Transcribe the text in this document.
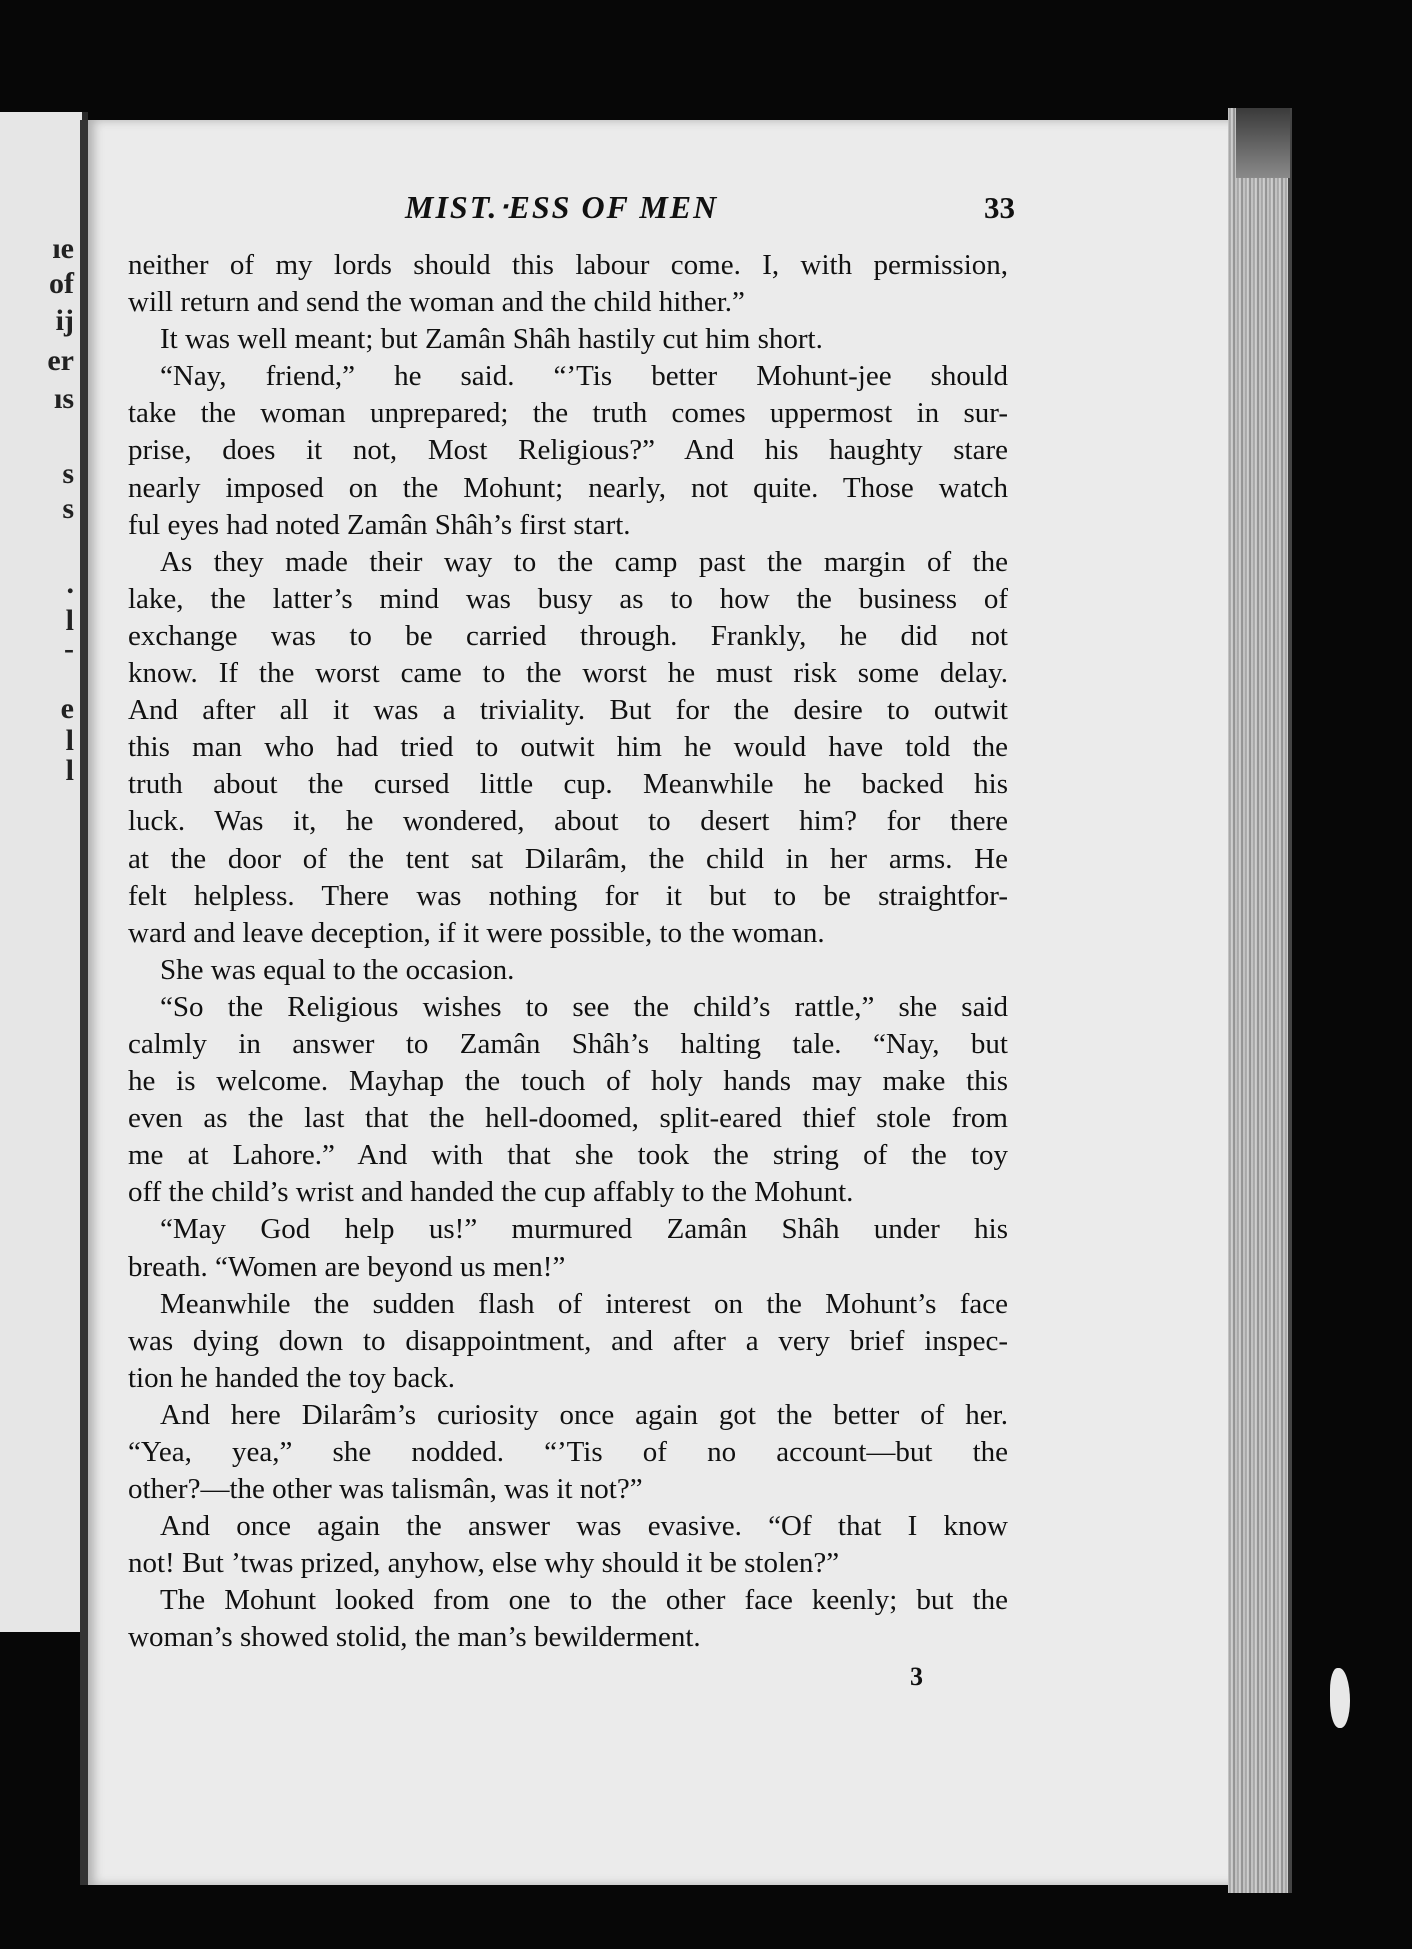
ıe
of
ij
er
ıs
s
s
.
l
-
e
l
l
MIST.ᐧESS OF MEN	33
neither of my lords should this labour come. I, with permission,
will return and send the woman and the child hither.”
It was well meant; but Zamân Shâh hastily cut him short.
“Nay, friend,” he said. “’Tis better Mohunt-jee should
take the woman unprepared; the truth comes uppermost in sur-
prise, does it not, Most Religious?” And his haughty stare
nearly imposed on the Mohunt; nearly, not quite. Those watch
ful eyes had noted Zamân Shâh’s first start.
As they made their way to the camp past the margin of the
lake, the latter’s mind was busy as to how the business of
exchange was to be carried through. Frankly, he did not
know. If the worst came to the worst he must risk some delay.
And after all it was a triviality. But for the desire to outwit
this man who had tried to outwit him he would have told the
truth about the cursed little cup. Meanwhile he backed his
luck. Was it, he wondered, about to desert him? for there
at the door of the tent sat Dilarâm, the child in her arms. He
felt helpless. There was nothing for it but to be straightfor-
ward and leave deception, if it were possible, to the woman.
She was equal to the occasion.
“So the Religious wishes to see the child’s rattle,” she said
calmly in answer to Zamân Shâh’s halting tale. “Nay, but
he is welcome. Mayhap the touch of holy hands may make this
even as the last that the hell-doomed, split-eared thief stole from
me at Lahore.” And with that she took the string of the toy
off the child’s wrist and handed the cup affably to the Mohunt.
“May God help us!” murmured Zamân Shâh under his
breath. “Women are beyond us men!”
Meanwhile the sudden flash of interest on the Mohunt’s face
was dying down to disappointment, and after a very brief inspec-
tion he handed the toy back.
And here Dilarâm’s curiosity once again got the better of her.
“Yea, yea,” she nodded. “’Tis of no account—but the
other?—the other was talismân, was it not?”
And once again the answer was evasive. “Of that I know
not! But ’twas prized, anyhow, else why should it be stolen?”
The Mohunt looked from one to the other face keenly; but the
woman’s showed stolid, the man’s bewilderment.
3
